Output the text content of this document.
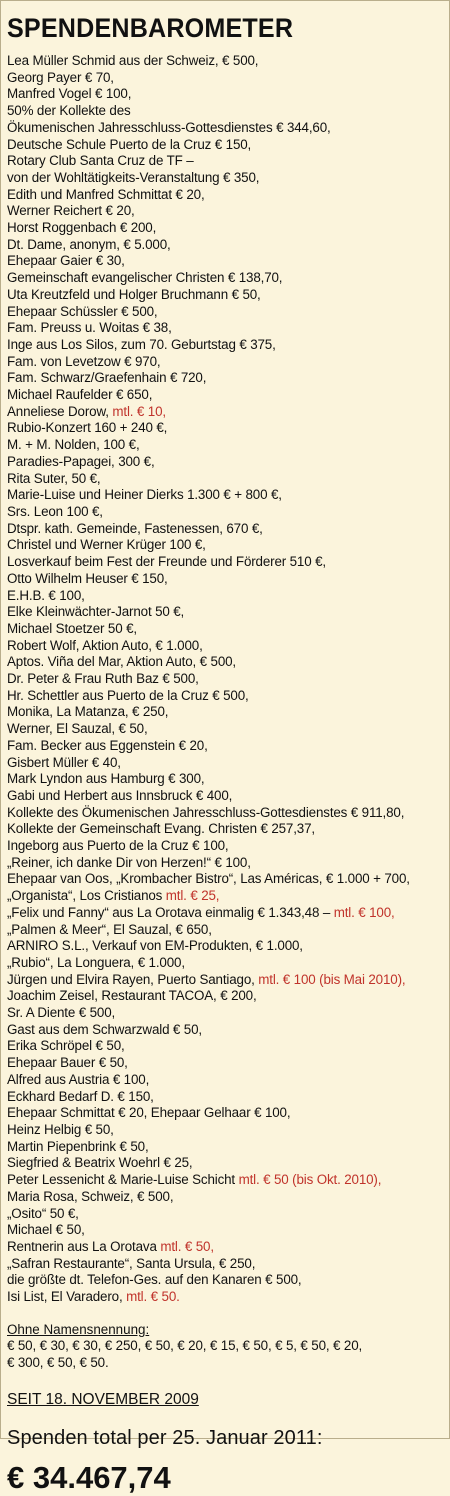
SPENDENBAROMETER
Lea Müller Schmid aus der Schweiz, € 500,
Georg Payer € 70,
Manfred Vogel € 100,
50% der Kollekte des
Ökumenischen Jahresschluss-Gottesdienstes € 344,60,
Deutsche Schule Puerto de la Cruz € 150,
Rotary Club Santa Cruz de TF –
von der Wohltätigkeits-Veranstaltung € 350,
Edith und Manfred Schmittat € 20,
Werner Reichert € 20,
Horst Roggenbach € 200,
Dt. Dame, anonym, € 5.000,
Ehepaar Gaier € 30,
Gemeinschaft evangelischer Christen € 138,70,
Uta Kreutzfeld und Holger Bruchmann € 50,
Ehepaar Schüssler € 500,
Fam. Preuss u. Woitas € 38,
Inge aus Los Silos, zum 70. Geburtstag € 375,
Fam. von Levetzow € 970,
Fam. Schwarz/Graefenhain € 720,
Michael Raufelder € 650,
Anneliese Dorow, mtl. € 10,
Rubio-Konzert 160 + 240 €,
M. + M. Nolden, 100 €,
Paradies-Papagei, 300 €,
Rita Suter, 50 €,
Marie-Luise und Heiner Dierks 1.300 € + 800 €,
Srs. Leon 100 €,
Dtspr. kath. Gemeinde, Fastenessen, 670 €,
Christel und Werner Krüger 100 €,
Losverkauf beim Fest der Freunde und Förderer 510 €,
Otto Wilhelm Heuser € 150,
E.H.B. € 100,
Elke Kleinwächter-Jarnot 50 €,
Michael Stoetzer 50 €,
Robert Wolf, Aktion Auto, € 1.000,
Aptos. Viña del Mar, Aktion Auto, € 500,
Dr. Peter & Frau Ruth Baz € 500,
Hr. Schettler aus Puerto de la Cruz € 500,
Monika, La Matanza, € 250,
Werner, El Sauzal, € 50,
Fam. Becker aus Eggenstein € 20,
Gisbert Müller € 40,
Mark Lyndon aus Hamburg € 300,
Gabi und Herbert aus Innsbruck € 400,
Kollekte des Ökumenischen Jahresschluss-Gottesdienstes € 911,80,
Kollekte der Gemeinschaft Evang. Christen € 257,37,
Ingeborg aus Puerto de la Cruz € 100,
„Reiner, ich danke Dir von Herzen!“ € 100,
Ehepaar van Oos, „Krombacher Bistro“, Las Américas, € 1.000 + 700,
„Organista“, Los Cristianos mtl. € 25,
„Felix und Fanny“ aus La Orotava einmalig € 1.343,48 – mtl. € 100,
„Palmen & Meer“, El Sauzal, € 650,
ARNIRO S.L., Verkauf von EM-Produkten, € 1.000,
„Rubio“, La Longuera, € 1.000,
Jürgen und Elvira Rayen, Puerto Santiago, mtl. € 100 (bis Mai 2010),
Joachim Zeisel, Restaurant TACOA, € 200,
Sr. A Diente € 500,
Gast aus dem Schwarzwald € 50,
Erika Schröpel € 50,
Ehepaar Bauer € 50,
Alfred aus Austria € 100,
Eckhard Bedarf D. € 150,
Ehepaar Schmittat € 20, Ehepaar Gelhaar € 100,
Heinz Helbig € 50,
Martin Piepenbrink € 50,
Siegfried & Beatrix Woehrl € 25,
Peter Lessenicht & Marie-Luise Schicht mtl. € 50 (bis Okt. 2010),
Maria Rosa, Schweiz, € 500,
„Osito“ 50 €,
Michael € 50,
Rentnerin aus La Orotava mtl. € 50,
„Safran Restaurante“, Santa Ursula, € 250,
die größte dt. Telefon-Ges. auf den Kanaren € 500,
Isi List, El Varadero, mtl. € 50.
Ohne Namensnennung:
€ 50, € 30, € 30, € 250, € 50, € 20, € 15, € 50, € 5, € 50, € 20,
€ 300, € 50, € 50.
SEIT 18. NOVEMBER 2009
Spenden total per 25. Januar 2011:
€ 34.467,74
